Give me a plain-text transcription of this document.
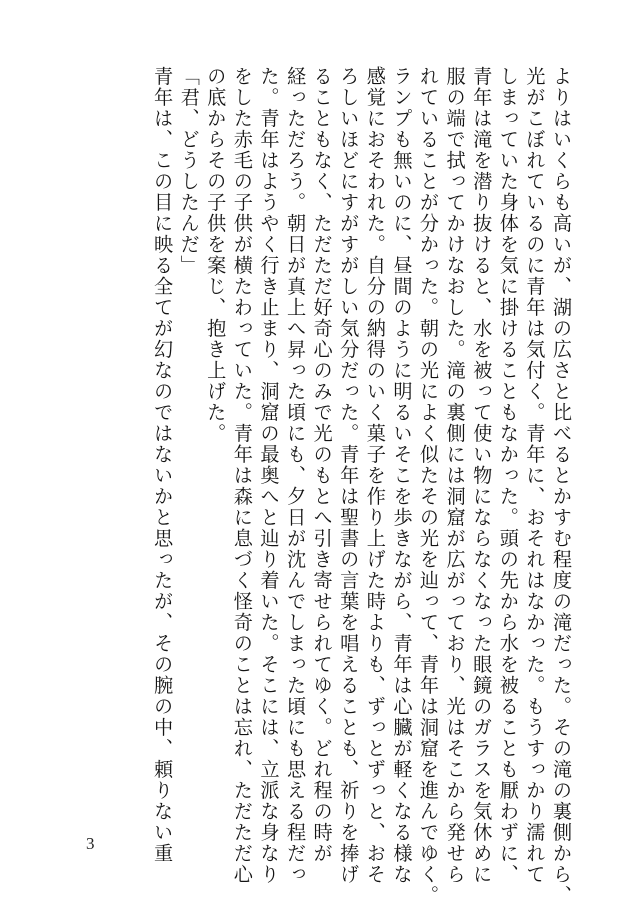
よりはいくらも高いが、湖の広さと比べるとかすむ程度の滝だった。その滝の裏側から、

光がこぼれているのに青年は気付く。青年に、おそれはなかった。もうすっかり濡れて

しまっていた身体を気に掛けることもなかった。頭の先から水を被ることも厭わずに、

青年は滝を潜り抜けると、水を被って使い物にならなくなった眼鏡のガラスを気休めに

服の端で拭ってかけなおした。滝の裏側には洞窟が広がっており、光はそこから発せら

れていることが分かった。朝の光によく似たその光を辿って、青年は洞窟を進んでゆく。

ランプも無いのに、昼間のように明るいそこを歩きながら、青年は心臓が軽くなる様な

感覚におそわれた。自分の納得のいく菓子を作り上げた時よりも、ずっとずっと、おそ

ろしいほどにすがすがしい気分だった。青年は聖書の言葉を唱えることも、祈りを捧げ

ることもなく、ただただ好奇心のみで光のもとへ引き寄せられてゆく。どれ程の時が

経っただろう。朝日が真上へ昇った頃にも、夕日が沈んでしまった頃にも思える程だっ

た。青年はようやく行き止まり、洞窟の最奥へと辿り着いた。そこには、立派な身なり

をした赤毛の子供が横たわっていた。青年は森に息づく怪奇のことは忘れ、ただただ心

の底からその子供を案じ、抱き上げた。

「君、どうしたんだ」

青年は、この目に映る全てが幻なのではないかと思ったが、その腕の中、頼りない重

3
